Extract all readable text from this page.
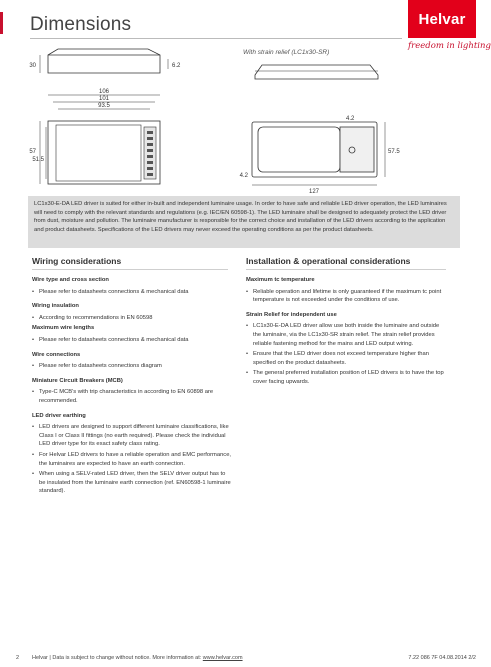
Dimensions	Helvar
freedom in lighting
30	6.2
106
101
93.5
57
51.5
With strain relief (LC1x30-SR)
4.2
57.5
4.2
127
LC1x30-E-DA LED driver is suited for either in-built and independent luminaire usage. In order to have safe and reliable LED driver operation, the LED luminaires will need to comply with the relevant standards and regulations (e.g. IEC/EN 60598-1). The LED luminaire shall be designed to adequately protect the LED driver from dust, moisture and pollution. The luminaire manufacturer is responsible for the correct choice and installation of the LED drivers according to the application and product datasheets. Specifications of the LED drivers may never exceed the operating conditions as per the product datasheets.
Wiring considerations

Wire type and cross section

• Please refer to datasheets connections & mechanical data

Wiring insulation

• According to recommendations in EN 60598

Maximum wire lengths

• Please refer to datasheets connections & mechanical data

Wire connections

• Please refer to datasheets connections diagram

Miniature Circuit Breakers (MCB)

• Type-C MCB's with trip characteristics in according to EN 60898 are recommended.

LED driver earthing

• LED drivers are designed to support different luminaire classifications, like Class I or Class II fittings (no earth required). Please check the individual LED driver type for its exact safety class rating.
• For Helvar LED drivers to have a reliable operation and EMC performance, the luminaires are expected to have an earth connection.
• When using a SELV-rated LED driver, then the SELV driver output has to be insulated from the luminaire earth connection (ref. EN60598-1 luminaire standard).
Installation & operational considerations

Maximum tc temperature

• Reliable operation and lifetime is only guaranteed if the maximum tc point temperature is not exceeded under the conditions of use.

Strain Relief for independent use

• LC1x30-E-DA LED driver allow use both inside the luminaire and outside the luminaire, via the LC1x30-SR strain relief. The strain relief provides reliable fastening method for the mains and LED output wiring.
• Ensure that the LED driver does not exceed temperature higher than specified on the product datasheets.
• The general preferred installation position of LED drivers is to have the top cover facing upwards.
2 Helvar | Data is subject to change without notice. More information at: www.helvar.com	7.22 086 7F 04.08.2014 2/2
